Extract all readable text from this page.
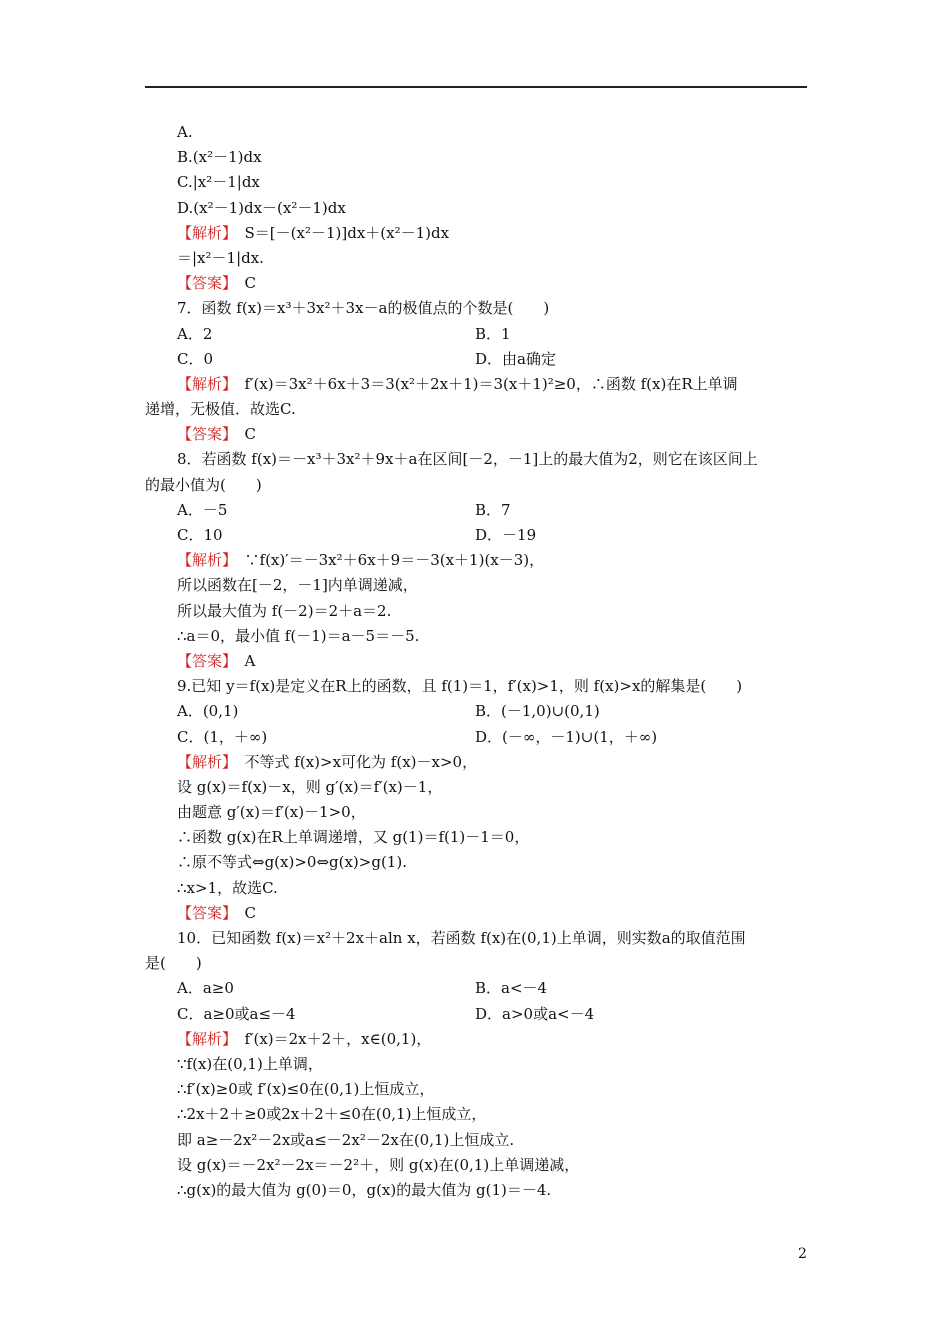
A.
B.(x²－1)dx
C.|x²－1|dx
D.(x²－1)dx－(x²－1)dx
【解析】　S＝[－(x²－1)]dx＋(x²－1)dx
＝|x²－1|dx.
【答案】　C
7．函数 f(x)＝x³＋3x²＋3x－a的极值点的个数是(　　)
A．2	B．1
C．0	D．由a确定
【解析】　f′(x)＝3x²＋6x＋3＝3(x²＋2x＋1)＝3(x＋1)²≥0，∴函数 f(x)在R上单调
递增，无极值．故选C.
【答案】　C
8．若函数 f(x)＝－x³＋3x²＋9x＋a在区间[－2，－1]上的最大值为2，则它在该区间上
的最小值为(　　)
A．－5	B．7
C．10	D．－19
【解析】　∵f(x)′＝－3x²＋6x＋9＝－3(x＋1)(x－3)，
所以函数在[－2，－1]内单调递减，
所以最大值为 f(－2)＝2＋a＝2.
∴a＝0，最小值 f(－1)＝a－5＝－5.
【答案】　A
9.已知 y＝f(x)是定义在R上的函数，且 f(1)＝1，f′(x)>1，则 f(x)>x的解集是(　　)
A．(0,1)	B．(－1,0)∪(0,1)
C．(1，＋∞)	D．(－∞，－1)∪(1，＋∞)
【解析】　不等式 f(x)>x可化为 f(x)－x>0，
设 g(x)＝f(x)－x，则 g′(x)＝f′(x)－1，
由题意 g′(x)＝f′(x)－1>0，
∴函数 g(x)在R上单调递增，又 g(1)＝f(1)－1＝0，
∴原不等式⇔g(x)>0⇔g(x)>g(1).
∴x>1，故选C.
【答案】　C
10．已知函数 f(x)＝x²＋2x＋aln x，若函数 f(x)在(0,1)上单调，则实数a的取值范围
是(　　)
A．a≥0	B．a<－4
C．a≥0或a≤－4	D．a>0或a<－4
【解析】　f′(x)＝2x＋2＋，x∈(0,1)，
∵f(x)在(0,1)上单调，
∴f′(x)≥0或 f′(x)≤0在(0,1)上恒成立，
∴2x＋2＋≥0或2x＋2＋≤0在(0,1)上恒成立，
即 a≥－2x²－2x或a≤－2x²－2x在(0,1)上恒成立.
设 g(x)＝－2x²－2x＝－2²＋，则 g(x)在(0,1)上单调递减，
∴g(x)的最大值为 g(0)＝0，g(x)的最大值为 g(1)＝－4.
2
